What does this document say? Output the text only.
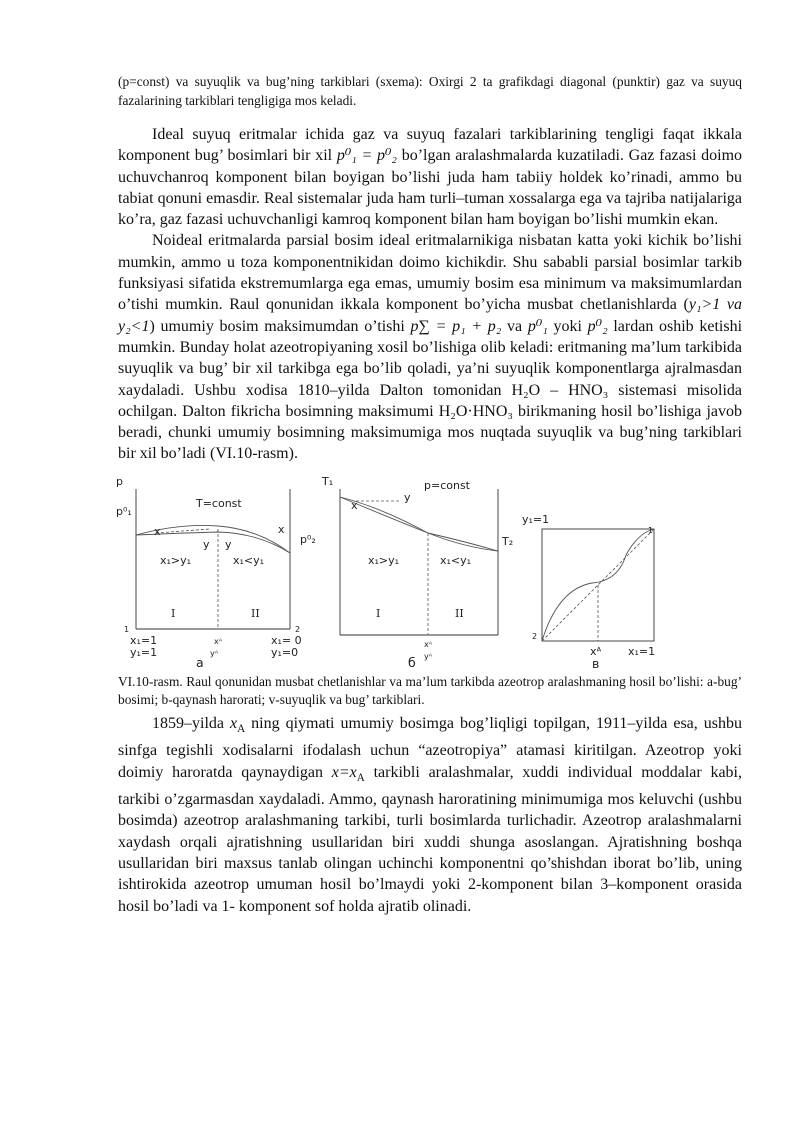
(p=const) va suyuqlik va bug’ning tarkiblari (sxema): Oxirgi 2 ta grafikdagi diagonal (punktir) gaz va suyuq fazalarining tarkiblari tengligiga mos keladi.

Ideal suyuq eritmalar ichida gaz va suyuq fazalari tarkiblarining tengligi faqat ikkala komponent bug’ bosimlari bir xil p⁰₁ = p⁰₂ bo’lgan aralashmalarda kuzatiladi. Gaz fazasi doimo uchuvchanroq komponent bilan boyigan bo’lishi juda ham tabiiy holdek ko’rinadi, ammo bu tabiat qonuni emasdir. Real sistemalar juda ham turli–tuman xossalarga ega va tajriba natijalariga ko’ra, gaz fazasi uchuvchanligi kamroq komponent bilan ham boyigan bo’lishi mumkin ekan.

Noideal eritmalarda parsial bosim ideal eritmalarnikiga nisbatan katta yoki kichik bo’lishi mumkin, ammo u toza komponentnikidan doimo kichikdir. Shu sababli parsial bosimlar tarkib funksiyasi sifatida ekstremumlarga ega emas, umumiy bosim esa minimum va maksimumlardan o’tishi mumkin. Raul qonunidan ikkala komponent bo’yicha musbat chetlanishlarda (y₁>1 va y₂<1) umumiy bosim maksimumdan o’tishi p∑ = p₁ + p₂ va p⁰₁ yoki p⁰₂ lardan oshib ketishi mumkin. Bunday holat azeotropiyaning xosil bo’lishiga olib keladi: eritmaning ma’lum tarkibida suyuqlik va bug’ bir xil tarkibga ega bo’lib qoladi, ya’ni suyuqlik komponentlarga ajralmasdan xaydaladi. Ushbu xodisa 1810–yilda Dalton tomonidan H₂O – HNO₃ sistemasi misolida ochilgan. Dalton fikricha bosimning maksimumi H₂O·HNO₃ birikmaning hosil bo’lishiga javob beradi, chunki umumiy bosimning maksimumiga mos nuqtada suyuqlik va bug’ning tarkiblari bir xil bo’ladi (VI.10-rasm).

p
p⁰₁
T=const
x	x
y y	p⁰₂
x₁>y₁	x₁<y₁
I	II
1	2
x₁=1
y₁=1
xᴬ
yᴬ
x₁= 0
y₁=0
a
T₁
T₂
p=const
x
y
x₁>y₁	x₁<y₁
I	II
xᴬ
yᴬ
б
y₁=1
1
2
xᴬ x₁=1
в

VI.10-rasm. Raul qonunidan musbat chetlanishlar va ma’lum tarkibda azeotrop aralashmaning hosil bo’lishi: a-bug’ bosimi; b-qaynash harorati; v-suyuqlik va bug’ tarkiblari.

1859–yilda $x_A$ ning qiymati umumiy bosimga bog’liqligi topilgan, 1911–yilda esa, ushbu sinfga tegishli xodisalarni ifodalash uchun “azeotropiya” atamasi kiritilgan. Azeotrop yoki doimiy haroratda qaynaydigan $x=x_A$ tarkibli aralashmalar, xuddi individual moddalar kabi, tarkibi o’zgarmasdan xaydaladi. Ammo, qaynash haroratining minimumiga mos keluvchi (ushbu bosimda) azeotrop aralashmaning tarkibi, turli bosimlarda turlichadir. Azeotrop aralashmalarni xaydash orqali ajratishning usullaridan biri xuddi shunga asoslangan. Ajratishning boshqa usullaridan biri maxsus tanlab olingan uchinchi komponentni qo’shishdan iborat bo’lib, uning ishtirokida azeotrop umuman hosil bo’lmaydi yoki 2-komponent bilan 3–komponent orasida hosil bo’ladi va 1- komponent sof holda ajratib olinadi.
